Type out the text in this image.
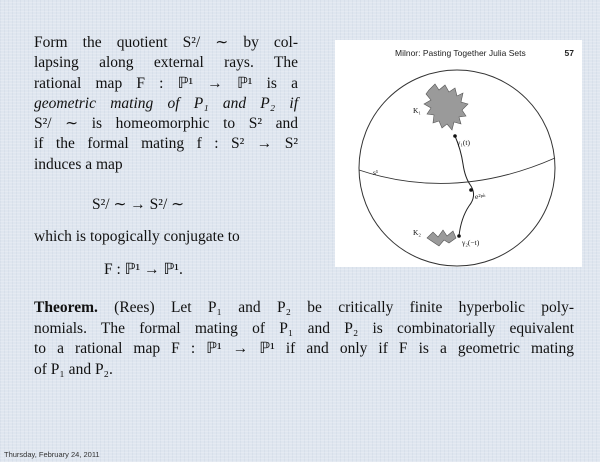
Form the quotient S²/ ∼ by col-
lapsing along external rays. The
rational map F : ℙ¹ → ℙ¹ is a
geometric mating of P₁ and P₂ if
S²/ ∼ is homeomorphic to S² and
if the formal mating f : S² → S²
induces a map
S²/ ∼ → S²/ ∼
which is topogically conjugate to
F : ℙ¹ → ℙ¹.
Milnor: Pasting Together Julia Sets	57
K₁
γ₁(t)
s¹
e²ᵖⁱᵗ
K₂
γ₂(−t)
Theorem. (Rees) Let P₁ and P₂ be critically finite hyperbolic poly-
nomials. The formal mating of P₁ and P₂ is combinatorially equivalent
to a rational map F : ℙ¹ → ℙ¹ if and only if F is a geometric mating
of P₁ and P₂.
Thursday, February 24, 2011
